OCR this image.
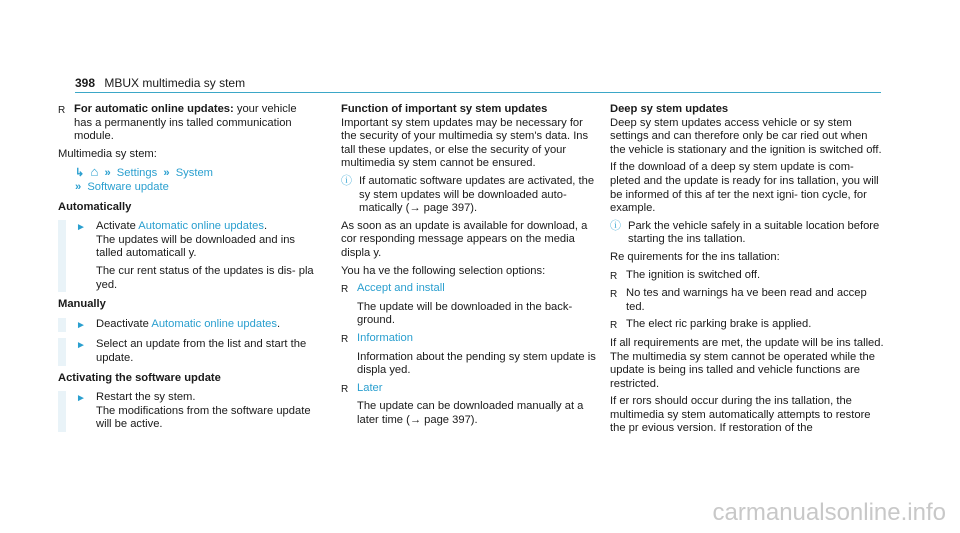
398 MBUX multimedia sy stem
R For automatic online updates: your vehicle has a permanently ins talled communication module.
Multimedia sy stem:
↳ ⌂ » Settings » System
» Software update
Automatically
► Activate Automatic online updates.
The updates will be downloaded and ins talled automaticall y.
The cur rent status of the updates is dis- pla yed.
Manually
► Deactivate Automatic online updates.
► Select an update from the list and start the update.
Activating the software update
► Restart the sy stem.
The modifications from the software update will be active.
Function of important sy stem updates
Important sy stem updates may be necessary for the security of your multimedia sy stem's data. Ins tall these updates, or else the security of your multimedia sy stem cannot be ensured.
ⓘ If automatic software updates are activated, the sy stem updates will be downloaded auto- matically (→ page 397).
As soon as an update is available for download, a cor responding message appears on the media displa y.
You ha ve the following selection options:
R Accept and install
The update will be downloaded in the back- ground.
R Information
Information about the pending sy stem update is displa yed.
R Later
The update can be downloaded manually at a later time (→ page 397).
Deep sy stem updates
Deep sy stem updates access vehicle or sy stem settings and can therefore only be car ried out when the vehicle is stationary and the ignition is switched off.
If the download of a deep sy stem update is com- pleted and the update is ready for ins tallation, you will be informed of this af ter the next igni- tion cycle, for example.
ⓘ Park the vehicle safely in a suitable location before starting the ins tallation.
Re quirements for the ins tallation:
R The ignition is switched off.
R No tes and warnings ha ve been read and accep ted.
R The elect ric parking brake is applied.
If all requirements are met, the update will be ins talled. The multimedia sy stem cannot be operated while the update is being ins talled and vehicle functions are restricted.
If er rors should occur during the ins tallation, the multimedia sy stem automatically attempts to restore the pr evious version. If restoration of the
carmanualsonline.info
